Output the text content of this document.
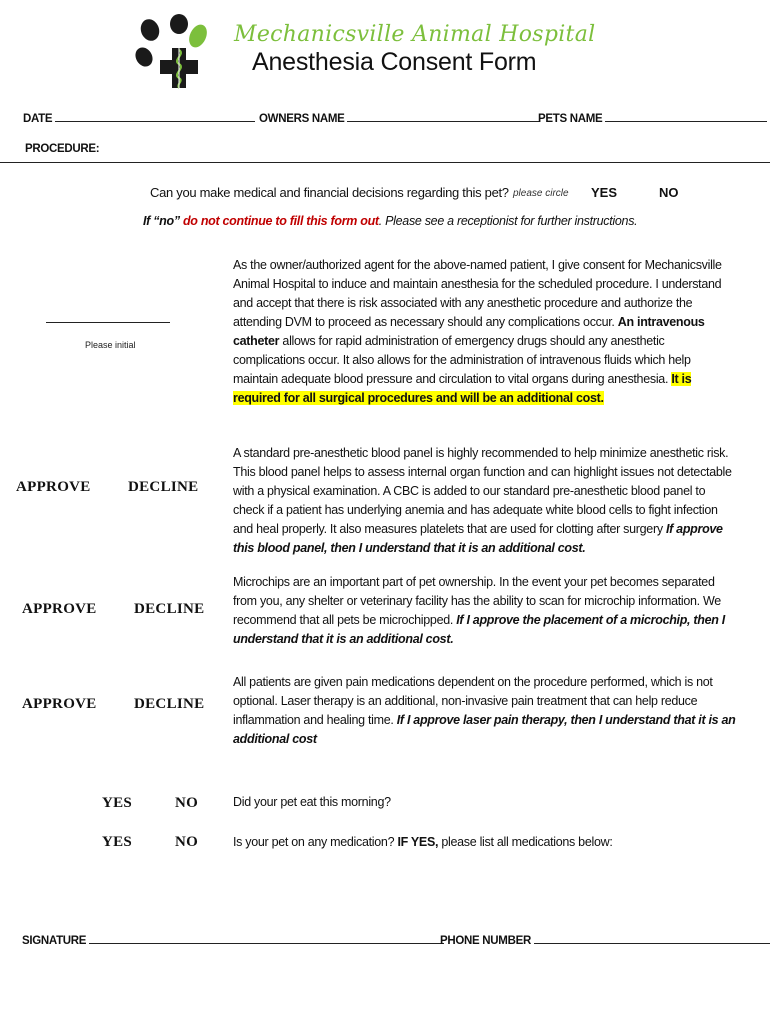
Mechanicsville Animal Hospital
Anesthesia Consent Form
DATE	OWNERS NAME	PETS NAME
PROCEDURE:
Can you make medical and financial decisions regarding this pet? please circle YES	NO
If “no” do not continue to fill this form out. Please see a receptionist for further instructions.
Please initial
As the owner/authorized agent for the above-named patient, I give consent for Mechanicsville Animal Hospital to induce and maintain anesthesia for the scheduled procedure. I understand and accept that there is risk associated with any anesthetic procedure and authorize the attending DVM to proceed as necessary should any complications occur. An intravenous catheter allows for rapid administration of emergency drugs should any anesthetic complications occur. It also allows for the administration of intravenous fluids which help maintain adequate blood pressure and circulation to vital organs during anesthesia. It is required for all surgical procedures and will be an additional cost.
APPROVE DECLINE
A standard pre-anesthetic blood panel is highly recommended to help minimize anesthetic risk. This blood panel helps to assess internal organ function and can highlight issues not detectable with a physical examination. A CBC is added to our standard pre-anesthetic blood panel to check if a patient has underlying anemia and has adequate white blood cells to fight infection and heal properly. It also measures platelets that are used for clotting after surgery If approve this blood panel, then I understand that it is an additional cost.
APPROVE DECLINE
Microchips are an important part of pet ownership. In the event your pet becomes separated from you, any shelter or veterinary facility has the ability to scan for microchip information. We recommend that all pets be microchipped. If I approve the placement of a microchip, then I understand that it is an additional cost.
APPROVE DECLINE
All patients are given pain medications dependent on the procedure performed, which is not optional. Laser therapy is an additional, non-invasive pain treatment that can help reduce inflammation and healing time. If I approve laser pain therapy, then I understand that it is an additional cost
YES	NO	Did your pet eat this morning?
YES	NO	Is your pet on any medication? IF YES, please list all medications below:
SIGNATURE	PHONE NUMBER
